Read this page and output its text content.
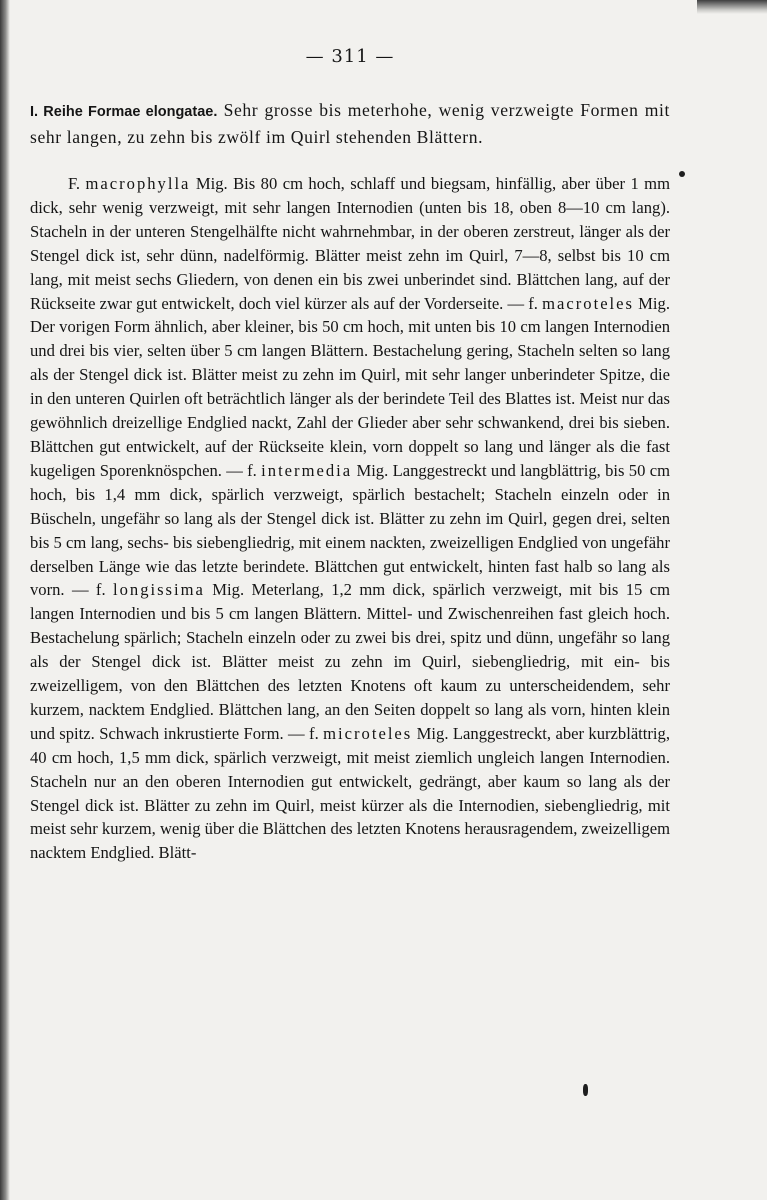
— 311 —

I. Reihe Formae elongatae. Sehr grosse bis meterhohe, wenig verzweigte Formen mit sehr langen, zu zehn bis zwölf im Quirl stehenden Blättern.

F. macrophylla Mig. Bis 80 cm hoch, schlaff und biegsam, hinfällig, aber über 1 mm dick, sehr wenig verzweigt, mit sehr langen Internodien (unten bis 18, oben 8—10 cm lang). Stacheln in der unteren Stengelhälfte nicht wahrnehmbar, in der oberen zerstreut, länger als der Stengel dick ist, sehr dünn, nadelförmig. Blätter meist zehn im Quirl, 7—8, selbst bis 10 cm lang, mit meist sechs Gliedern, von denen ein bis zwei unberindet sind. Blättchen lang, auf der Rückseite zwar gut entwickelt, doch viel kürzer als auf der Vorderseite. — f. macroteles Mig. Der vorigen Form ähnlich, aber kleiner, bis 50 cm hoch, mit unten bis 10 cm langen Internodien und drei bis vier, selten über 5 cm langen Blättern. Bestachelung gering, Stacheln selten so lang als der Stengel dick ist. Blätter meist zu zehn im Quirl, mit sehr langer unberindeter Spitze, die in den unteren Quirlen oft beträchtlich länger als der berindete Teil des Blattes ist. Meist nur das gewöhnlich dreizellige Endglied nackt, Zahl der Glieder aber sehr schwankend, drei bis sieben. Blättchen gut entwickelt, auf der Rückseite klein, vorn doppelt so lang und länger als die fast kugeligen Sporenknöspchen. — f. intermedia Mig. Langgestreckt und langblättrig, bis 50 cm hoch, bis 1,4 mm dick, spärlich verzweigt, spärlich bestachelt; Stacheln einzeln oder in Büscheln, ungefähr so lang als der Stengel dick ist. Blätter zu zehn im Quirl, gegen drei, selten bis 5 cm lang, sechs- bis siebengliedrig, mit einem nackten, zweizelligen Endglied von ungefähr derselben Länge wie das letzte berindete. Blättchen gut entwickelt, hinten fast halb so lang als vorn. — f. longissima Mig. Meterlang, 1,2 mm dick, spärlich verzweigt, mit bis 15 cm langen Internodien und bis 5 cm langen Blättern. Mittel- und Zwischenreihen fast gleich hoch. Bestachelung spärlich; Stacheln einzeln oder zu zwei bis drei, spitz und dünn, ungefähr so lang als der Stengel dick ist. Blätter meist zu zehn im Quirl, siebengliedrig, mit ein- bis zweizelligem, von den Blättchen des letzten Knotens oft kaum zu unterscheidendem, sehr kurzem, nacktem Endglied. Blättchen lang, an den Seiten doppelt so lang als vorn, hinten klein und spitz. Schwach inkrustierte Form. — f. microteles Mig. Langgestreckt, aber kurzblättrig, 40 cm hoch, 1,5 mm dick, spärlich verzweigt, mit meist ziemlich ungleich langen Internodien. Stacheln nur an den oberen Internodien gut entwickelt, gedrängt, aber kaum so lang als der Stengel dick ist. Blätter zu zehn im Quirl, meist kürzer als die Internodien, siebengliedrig, mit meist sehr kurzem, wenig über die Blättchen des letzten Knotens herausragendem, zweizelligem nacktem Endglied. Blätt-
